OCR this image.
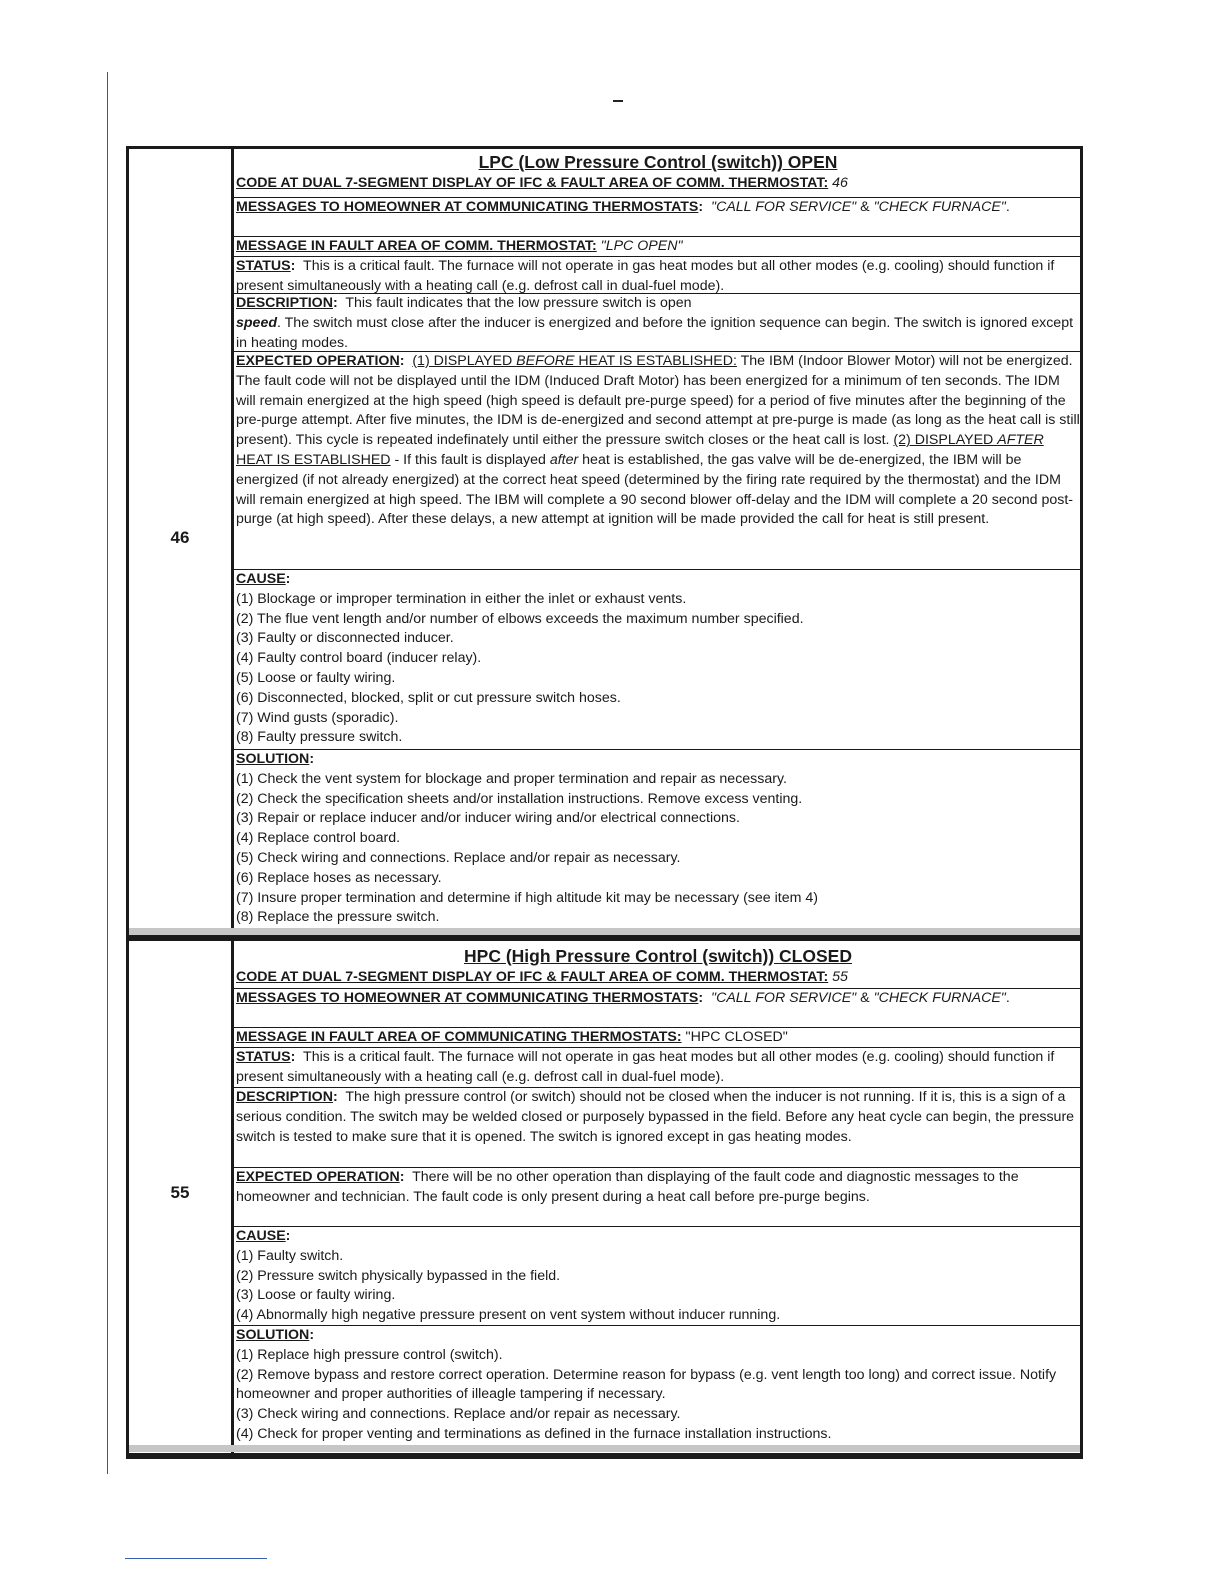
46
LPC (Low Pressure Control (switch)) OPEN
CODE AT DUAL 7-SEGMENT DISPLAY OF IFC & FAULT AREA OF COMM. THERMOSTAT: 46
MESSAGES TO HOMEOWNER AT COMMUNICATING THERMOSTATS: "CALL FOR SERVICE" & "CHECK FURNACE".
MESSAGE IN FAULT AREA OF COMM. THERMOSTAT: "LPC OPEN"
STATUS: This is a critical fault. The furnace will not operate in gas heat modes but all other modes (e.g. cooling) should function if present simultaneously with a heating call (e.g. defrost call in dual-fuel mode).
DESCRIPTION: This fault indicates that the low pressure switch is open
speed. The switch must close after the inducer is energized and before the ignition sequence can begin. The switch is ignored except in heating modes.
EXPECTED OPERATION: (1) DISPLAYED BEFORE HEAT IS ESTABLISHED: The IBM (Indoor Blower Motor) will not be energized. The fault code will not be displayed until the IDM (Induced Draft Motor) has been energized for a minimum of ten seconds. The IDM will remain energized at the high speed (high speed is default pre-purge speed) for a period of five minutes after the beginning of the pre-purge attempt. After five minutes, the IDM is de-energized and second attempt at pre-purge is made (as long as the heat call is still present). This cycle is repeated indefinately until either the pressure switch closes or the heat call is lost. (2) DISPLAYED AFTER HEAT IS ESTABLISHED - If this fault is displayed after heat is established, the gas valve will be de-energized, the IBM will be energized (if not already energized) at the correct heat speed (determined by the firing rate required by the thermostat) and the IDM will remain energized at high speed. The IBM will complete a 90 second blower off-delay and the IDM will complete a 20 second post-purge (at high speed). After these delays, a new attempt at ignition will be made provided the call for heat is still present.
CAUSE:
(1) Blockage or improper termination in either the inlet or exhaust vents.
(2) The flue vent length and/or number of elbows exceeds the maximum number specified.
(3) Faulty or disconnected inducer.
(4) Faulty control board (inducer relay).
(5) Loose or faulty wiring.
(6) Disconnected, blocked, split or cut pressure switch hoses.
(7) Wind gusts (sporadic).
(8) Faulty pressure switch.
SOLUTION:
(1) Check the vent system for blockage and proper termination and repair as necessary.
(2) Check the specification sheets and/or installation instructions. Remove excess venting.
(3) Repair or replace inducer and/or inducer wiring and/or electrical connections.
(4) Replace control board.
(5) Check wiring and connections. Replace and/or repair as necessary.
(6) Replace hoses as necessary.
(7) Insure proper termination and determine if high altitude kit may be necessary (see item 4)
(8) Replace the pressure switch.
55
HPC (High Pressure Control (switch)) CLOSED
CODE AT DUAL 7-SEGMENT DISPLAY OF IFC & FAULT AREA OF COMM. THERMOSTAT: 55
MESSAGES TO HOMEOWNER AT COMMUNICATING THERMOSTATS: "CALL FOR SERVICE" & "CHECK FURNACE".
MESSAGE IN FAULT AREA OF COMMUNICATING THERMOSTATS: "HPC CLOSED"
STATUS: This is a critical fault. The furnace will not operate in gas heat modes but all other modes (e.g. cooling) should function if present simultaneously with a heating call (e.g. defrost call in dual-fuel mode).
DESCRIPTION: The high pressure control (or switch) should not be closed when the inducer is not running. If it is, this is a sign of a serious condition. The switch may be welded closed or purposely bypassed in the field. Before any heat cycle can begin, the pressure switch is tested to make sure that it is opened. The switch is ignored except in gas heating modes.
EXPECTED OPERATION: There will be no other operation than displaying of the fault code and diagnostic messages to the homeowner and technician. The fault code is only present during a heat call before pre-purge begins.
CAUSE:
(1) Faulty switch.
(2) Pressure switch physically bypassed in the field.
(3) Loose or faulty wiring.
(4) Abnormally high negative pressure present on vent system without inducer running.
SOLUTION:
(1) Replace high pressure control (switch).
(2) Remove bypass and restore correct operation. Determine reason for bypass (e.g. vent length too long) and correct issue. Notify homeowner and proper authorities of illeagle tampering if necessary.
(3) Check wiring and connections. Replace and/or repair as necessary.
(4) Check for proper venting and terminations as defined in the furnace installation instructions.
